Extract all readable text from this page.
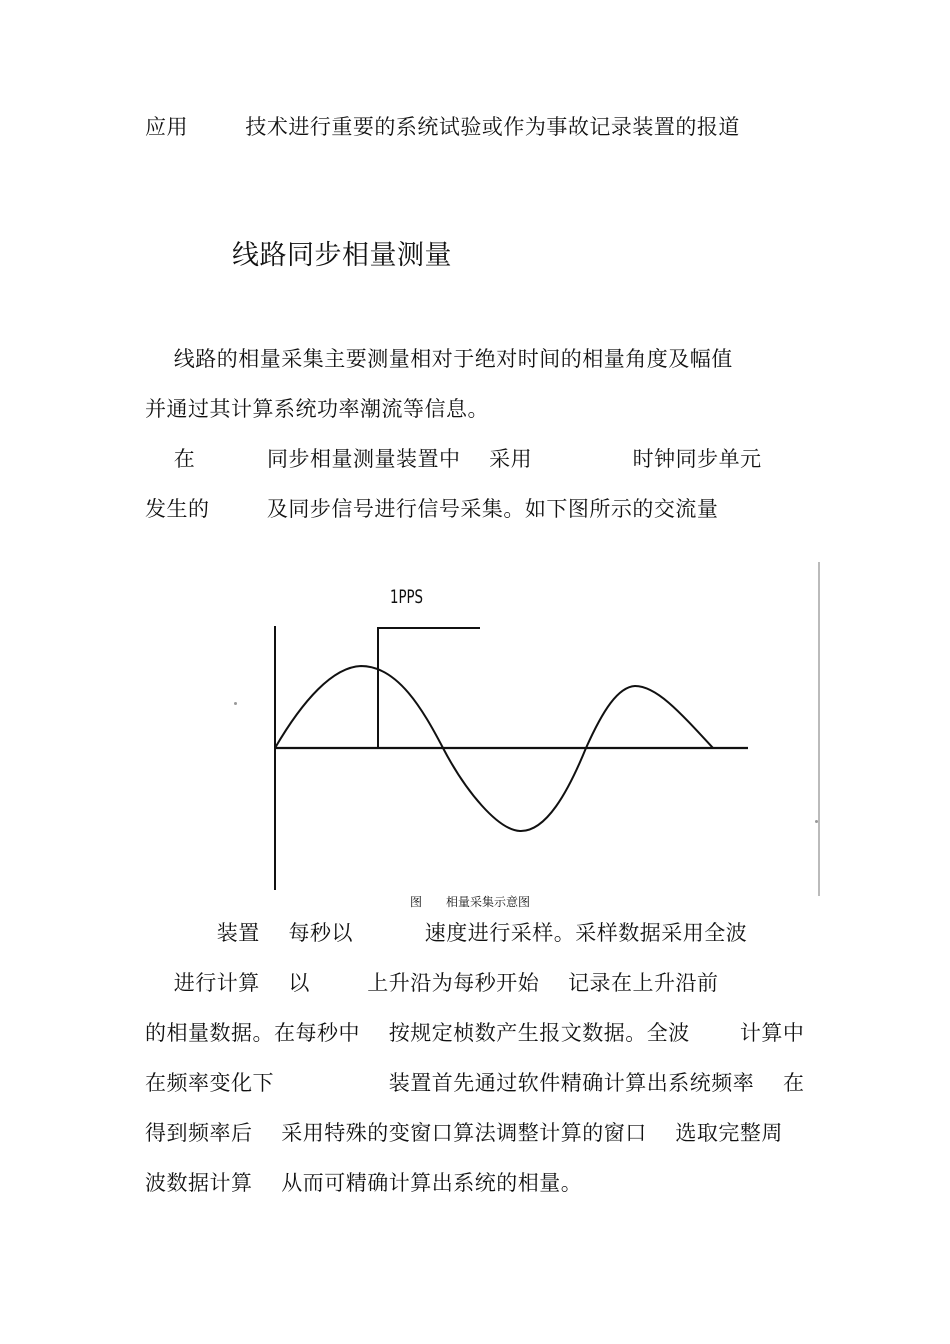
应用        技术进行重要的系统试验或作为事故记录装置的报道
线路同步相量测量
线路的相量采集主要测量相对于绝对时间的相量角度及幅值
并通过其计算系统功率潮流等信息。
在          同步相量测量装置中    采用              时钟同步单元
发生的        及同步信号进行信号采集。如下图所示的交流量
1PPS
图 相量采集示意图
装置    每秒以          速度进行采样。采样数据采用全波
进行计算    以        上升沿为每秒开始    记录在上升沿前
的相量数据。在每秒中    按规定桢数产生报文数据。全波       计算中
在频率变化下                装置首先通过软件精确计算出系统频率    在
得到频率后    采用特殊的变窗口算法调整计算的窗口    选取完整周
波数据计算    从而可精确计算出系统的相量。
